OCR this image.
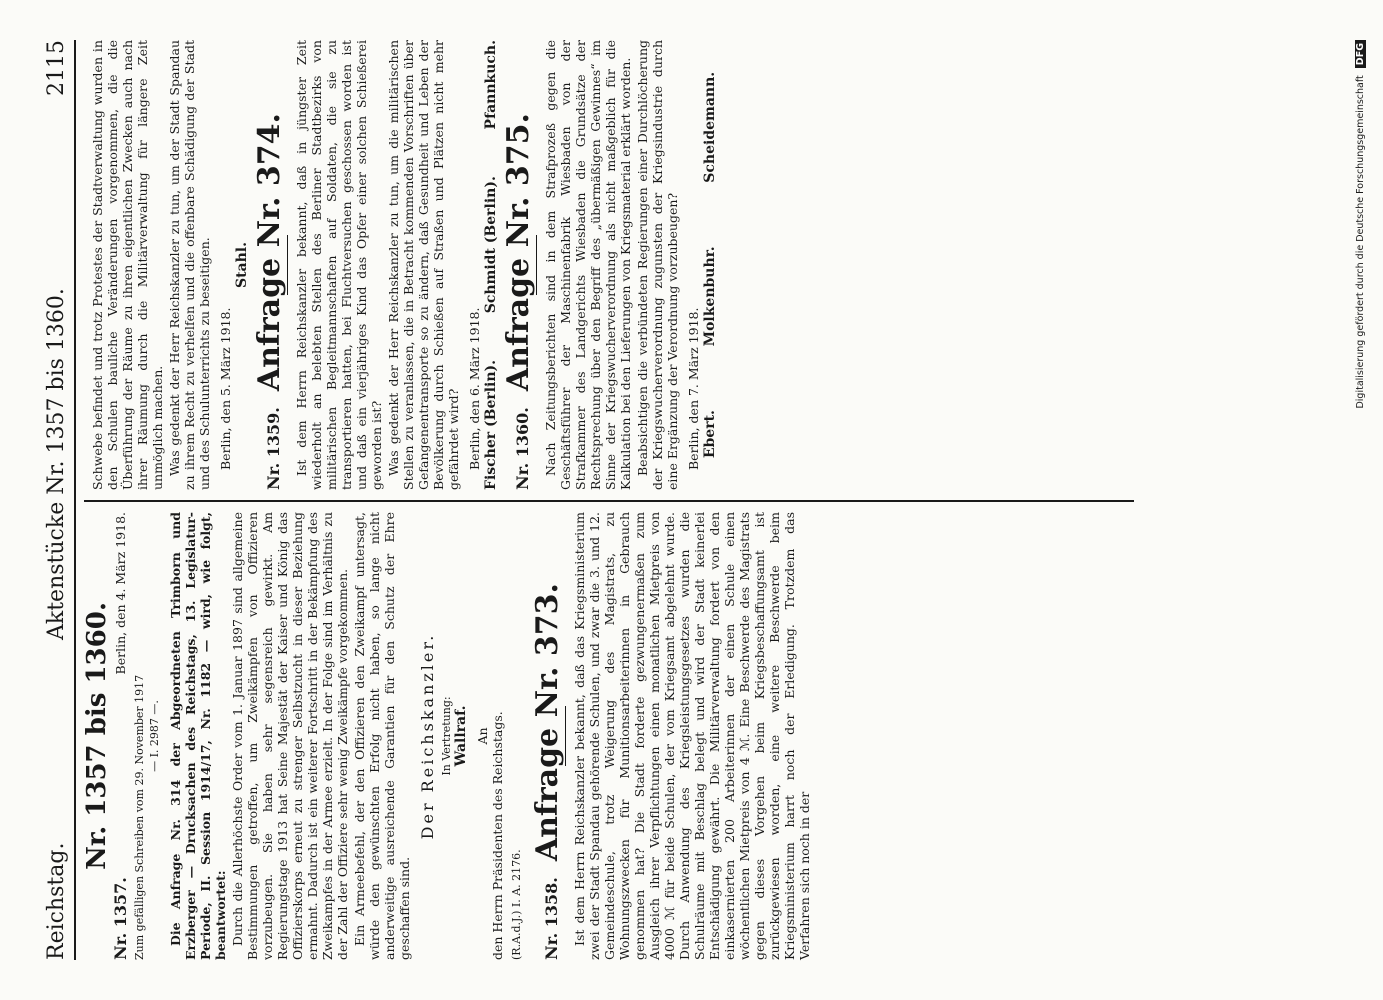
Reichstag.
Aktenstücke Nr. 1357 bis 1360.
2115
Nr. 1357 bis 1360.
Nr. 1357.
Berlin, den 4. März 1918.
Zum gefälligen Schreiben vom 29. November 1917 — I. 2987 —. Die Anfrage Nr. 314 der Abgeordneten Trimborn und Erzberger — Drucksachen des Reichstags, 13. Legislatur-Periode, II. Session 1914/17, Nr. 1182 — wird, wie folgt, beantwortet: Durch die Allerhöchste Order vom 1. Januar 1897 sind allgemeine Bestimmungen getroffen, um Zweikämpfen von Offizieren vorzubeugen. Sie haben sehr segensreich gewirkt. Am Regierungstage 1913 hat Seine Majestät der Kaiser und König das Offizierskorps erneut zu strenger Selbstzucht in dieser Beziehung ermahnt. Dadurch ist ein weiterer Fortschritt in der Bekämpfung des Zweikampfes in der Armee erzielt. In der Folge sind im Verhältnis zu der Zahl der Offiziere sehr wenig Zweikämpfe vorgekommen. Ein Armeebefehl, der den Offizieren den Zweikampf untersagt, würde den gewünschten Erfolg nicht haben, so lange nicht anderweitige ausreichende Garantien für den Schutz der Ehre geschaffen sind.

Der Reichskanzler. In Vertretung: Wallraf. An den Herrn Präsidenten des Reichstags. (R.A.d.J.) I. A. 2176. Nr. 1358.
Anfrage Nr. 373. Ist dem Herrn Reichskanzler bekannt, daß das Kriegsministerium zwei der Stadt Spandau gehörende Schulen, und zwar die 3. und 12. Gemeindeschule, trotz Weigerung des Magistrats, zu Wohnungszwecken für Munitionsarbeiterinnen in Gebrauch genommen hat? Die Stadt forderte gezwungenermaßen zum Ausgleich ihrer Verpflichtungen einen monatlichen Mietpreis von 4000 ℳ für beide Schulen, der vom Kriegsamt abgelehnt wurde. Durch Anwendung des Kriegsleistungsgesetzes wurden die Schulräume mit Beschlag belegt und wird der Stadt keinerlei Entschädigung gewährt. Die Militärverwaltung fordert von den einkasernierten 200 Arbeiterinnen der einen Schule einen wöchentlichen Mietpreis von 4 ℳ. Eine Beschwerde des Magistrats gegen dieses Vorgehen beim Kriegsbeschaffungsamt ist zurückgewiesen worden, eine weitere Beschwerde beim Kriegsministerium harrt noch der Erledigung. Trotzdem das Verfahren sich noch in der

Schwebe befindet und trotz Protestes der Stadtverwaltung wurden in den Schulen bauliche Veränderungen vorgenommen, die die Überführung der Räume zu ihren eigentlichen Zwecken auch nach ihrer Räumung durch die Militärverwaltung für längere Zeit unmöglich machen. Was gedenkt der Herr Reichskanzler zu tun, um der Stadt Spandau zu ihrem Recht zu verhelfen und die offenbare Schädigung der Stadt und des Schulunterrichts zu beseitigen. Berlin, den 5. März 1918.
Stahl.
Nr. 1359.
Anfrage Nr. 374. Ist dem Herrn Reichskanzler bekannt, daß in jüngster Zeit wiederholt an belebten Stellen des Berliner Stadtbezirks von militärischen Begleitmannschaften auf Soldaten, die sie zu transportieren hatten, bei Fluchtversuchen geschossen worden ist und daß ein vierjähriges Kind das Opfer einer solchen Schießerei geworden ist? Was gedenkt der Herr Reichskanzler zu tun, um die militärischen Stellen zu veranlassen, die in Betracht kommenden Vorschriften über Gefangenentransporte so zu ändern, daß Gesundheit und Leben der Bevölkerung durch Schießen auf Straßen und Plätzen nicht mehr gefährdet wird? Berlin, den 6. März 1918. Fischer (Berlin).
Schmidt (Berlin).
Pfannkuch.
Nr. 1360.
Anfrage Nr. 375. Nach Zeitungsberichten sind in dem Strafprozeß gegen die Geschäftsführer der Maschinenfabrik Wiesbaden von der Strafkammer des Landgerichts Wiesbaden die Grundsätze der Rechtsprechung über den Begriff des „übermäßigen Gewinnes“ im Sinne der Kriegswucherverordnung als nicht maßgeblich für die Kalkulation bei den Lieferungen von Kriegsmaterial erklärt worden. Beabsichtigen die verbündeten Regierungen einer Durchlöcherung der Kriegswucherverordnung zugunsten der Kriegsindustrie durch eine Ergänzung der Verordnung vorzubeugen? Berlin, den 7. März 1918. Ebert.
Molkenbuhr.
Scheidemann.	Digitalisierung gefördert durch die Deutsche Forschungsgemeinschaft DFG
